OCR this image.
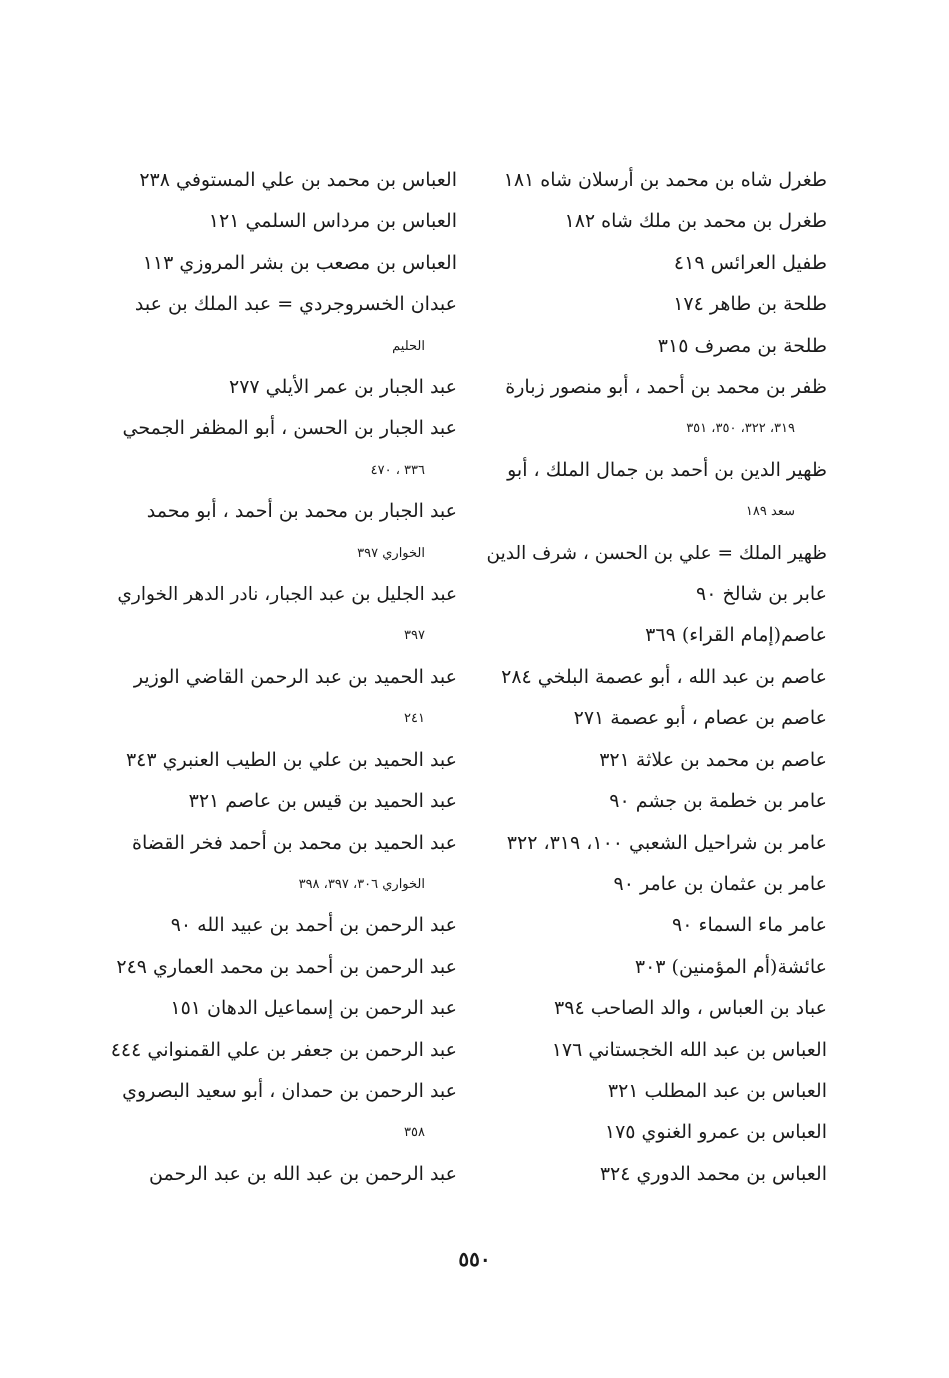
طغرل شاه بن محمد بن أرسلان شاه ١٨١
طغرل بن محمد بن ملك شاه ١٨٢
طفيل العرائس ٤١٩
طلحة بن طاهر ١٧٤
طلحة بن مصرف ٣١٥
ظفر بن محمد بن أحمد ، أبو منصور زبارة
٣١٩، ٣٢٢، ٣٥٠، ٣٥١
ظهير الدين بن أحمد بن جمال الملك ، أبو
سعد ١٨٩
ظهير الملك = علي بن الحسن ، شرف الدين
عابر بن شالخ ٩٠
عاصم(إمام القراء) ٣٦٩
عاصم بن عبد الله ، أبو عصمة البلخي ٢٨٤
عاصم بن عصام ، أبو عصمة ٢٧١
عاصم بن محمد بن علاثة ٣٢١
عامر بن خطمة بن جشم ٩٠
عامر بن شراحيل الشعبي ١٠٠، ٣١٩، ٣٢٢
عامر بن عثمان بن عامر ٩٠
عامر ماء السماء ٩٠
عائشة(أم المؤمنين) ٣٠٣
عباد بن العباس ، والد الصاحب ٣٩٤
العباس بن عبد الله الخجستاني ١٧٦
العباس بن عبد المطلب ٣٢١
العباس بن عمرو الغنوي ١٧٥
العباس بن محمد الدوري ٣٢٤
العباس بن محمد بن علي المستوفي ٢٣٨
العباس بن مرداس السلمي ١٢١
العباس بن مصعب بن بشر المروزي ١١٣
عبدان الخسروجردي = عبد الملك بن عبد
الحليم
عبد الجبار بن عمر الأيلي ٢٧٧
عبد الجبار بن الحسن ، أبو المظفر الجمحي
٣٣٦ ، ٤٧٠
عبد الجبار بن محمد بن أحمد ، أبو محمد
الخواري ٣٩٧
عبد الجليل بن عبد الجبار، نادر الدهر الخواري
٣٩٧
عبد الحميد بن عبد الرحمن القاضي الوزير
٢٤١
عبد الحميد بن علي بن الطيب العنبري ٣٤٣
عبد الحميد بن قيس بن عاصم ٣٢١
عبد الحميد بن محمد بن أحمد فخر القضاة
الخواري ٣٠٦، ٣٩٧، ٣٩٨
عبد الرحمن بن أحمد بن عبيد الله ٩٠
عبد الرحمن بن أحمد بن محمد العماري ٢٤٩
عبد الرحمن بن إسماعيل الدهان ١٥١
عبد الرحمن بن جعفر بن علي القمنواني ٤٤٤
عبد الرحمن بن حمدان ، أبو سعيد البصروي
٣٥٨
عبد الرحمن بن عبد الله بن عبد الرحمن
٥٥٠
